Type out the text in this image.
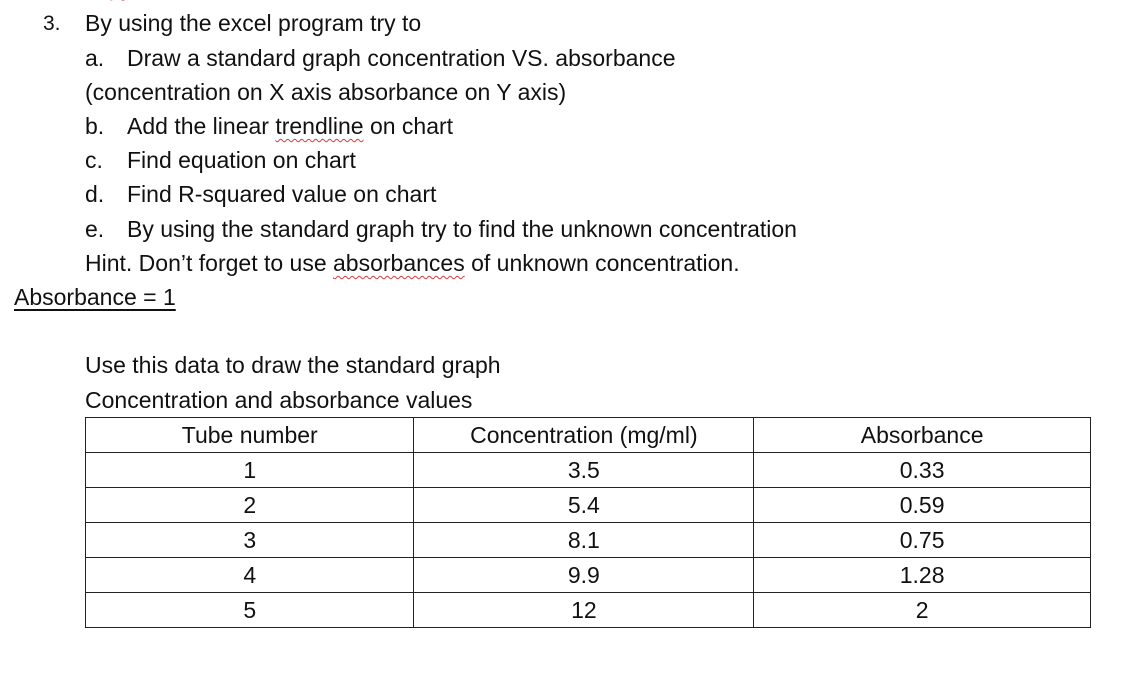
3. By using the excel program try to
a. Draw a standard graph concentration VS. absorbance
(concentration on X axis absorbance on Y axis)
b. Add the linear trendline on chart
c. Find equation on chart
d. Find R-squared value on chart
e. By using the standard graph try to find the unknown concentration
Hint. Don’t forget to use absorbances of unknown concentration.
Absorbance = 1
Use this data to draw the standard graph
Concentration and absorbance values
Tube number	Concentration (mg/ml)	Absorbance
1	3.5	0.33
2	5.4	0.59
3	8.1	0.75
4	9.9	1.28
5	12	2
